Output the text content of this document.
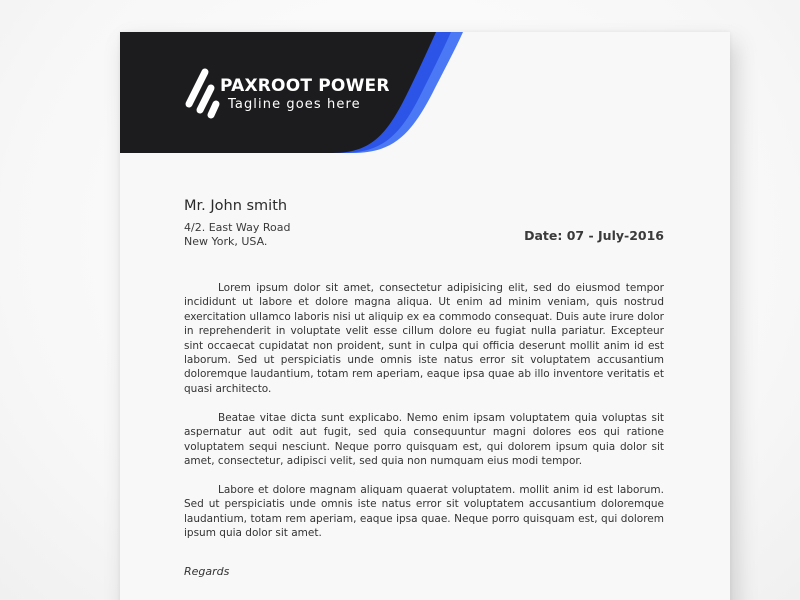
PAXROOT POWER
Tagline goes here
Mr. John smith
4/2. East Way Road
New York, USA.	Date: 07 - July-2016

Lorem ipsum dolor sit amet, consectetur adipisicing elit, sed do eiusmod tempor incididunt ut labore et dolore magna aliqua. Ut enim ad minim veniam, quis nostrud exercitation ullamco laboris nisi ut aliquip ex ea commodo consequat. Duis aute irure dolor in reprehenderit in voluptate velit esse cillum dolore eu fugiat nulla pariatur. Excepteur sint occaecat cupidatat non proident, sunt in culpa qui officia deserunt mollit anim id est laborum. Sed ut perspiciatis unde omnis iste natus error sit voluptatem accusantium doloremque laudantium, totam rem aperiam, eaque ipsa quae ab illo inventore veritatis et quasi architecto.

Beatae vitae dicta sunt explicabo. Nemo enim ipsam voluptatem quia voluptas sit aspernatur aut odit aut fugit, sed quia consequuntur magni dolores eos qui ratione voluptatem sequi nesciunt. Neque porro quisquam est, qui dolorem ipsum quia dolor sit amet, consectetur, adipisci velit, sed quia non numquam eius modi tempor.

Labore et dolore magnam aliquam quaerat voluptatem. mollit anim id est laborum. Sed ut perspiciatis unde omnis iste natus error sit voluptatem accusantium doloremque laudantium, totam rem aperiam, eaque ipsa quae. Neque porro quisquam est, qui dolorem ipsum quia dolor sit amet.

Regards
